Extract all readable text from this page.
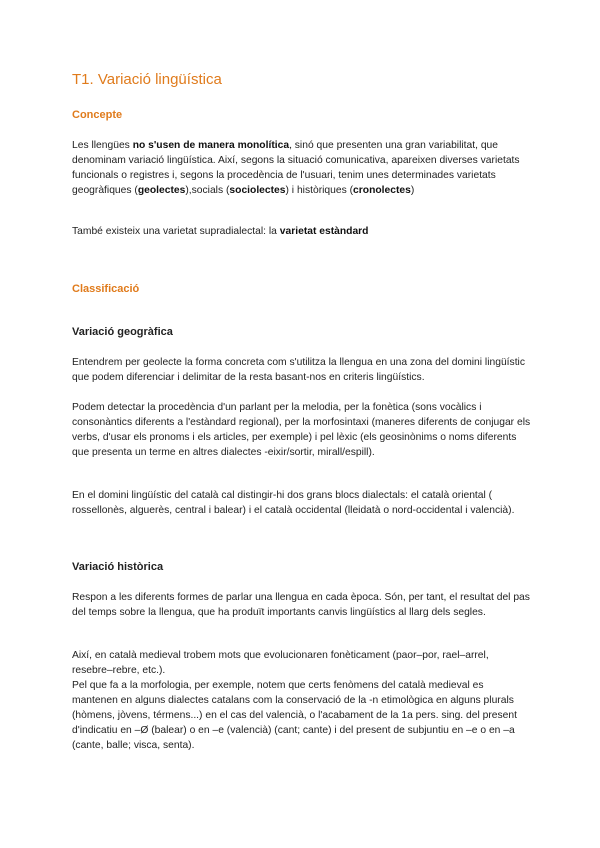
T1. Variació lingüística
Concepte

Les llengües no s'usen de manera monolítica, sinó que presenten una gran variabilitat, que denominam variació lingüística. Així, segons la situació comunicativa, apareixen diverses varietats funcionals o registres i, segons la procedència de l'usuari, tenim unes determinades varietats geogràfiques (geolectes),socials (sociolectes) i històriques (cronolectes)

També existeix una varietat supradialectal: la varietat estàndard

Classificació
Variació geogràfica

Entendrem per geolecte la forma concreta com s'utilitza la llengua en una zona del domini lingüístic que podem diferenciar i delimitar de la resta basant-nos en criteris lingüístics.

Podem detectar la procedència d'un parlant per la melodia, per la fonètica (sons vocàlics i consonàntics diferents a l'estàndard regional), per la morfosintaxi (maneres diferents de conjugar els verbs, d'usar els pronoms i els articles, per exemple) i pel lèxic (els geosinònims o noms diferents que presenta un terme en altres dialectes -eixir/sortir, mirall/espill).

En el domini lingüístic del català cal distingir-hi dos grans blocs dialectals: el català oriental ( rossellonès, alguerès, central i balear) i el català occidental (lleidatà o nord-occidental i valencià).

Variació històrica

Respon a les diferents formes de parlar una llengua en cada època. Són, per tant, el resultat del pas del temps sobre la llengua, que ha produït importants canvis lingüístics al llarg dels segles.

Així, en català medieval trobem mots que evolucionaren fonèticament (paor–por, rael–arrel, resebre–rebre, etc.).

Pel que fa a la morfologia, per exemple, notem que certs fenòmens del català medieval es mantenen en alguns dialectes catalans com la conservació de la -n etimològica en alguns plurals (hòmens, jòvens, térmens...) en el cas del valencià, o l'acabament de la 1a pers. sing. del present d'indicatiu en –Ø (balear) o en –e (valencià) (cant; cante) i del present de subjuntiu en –e o en –a (cante, balle; visca, senta).
